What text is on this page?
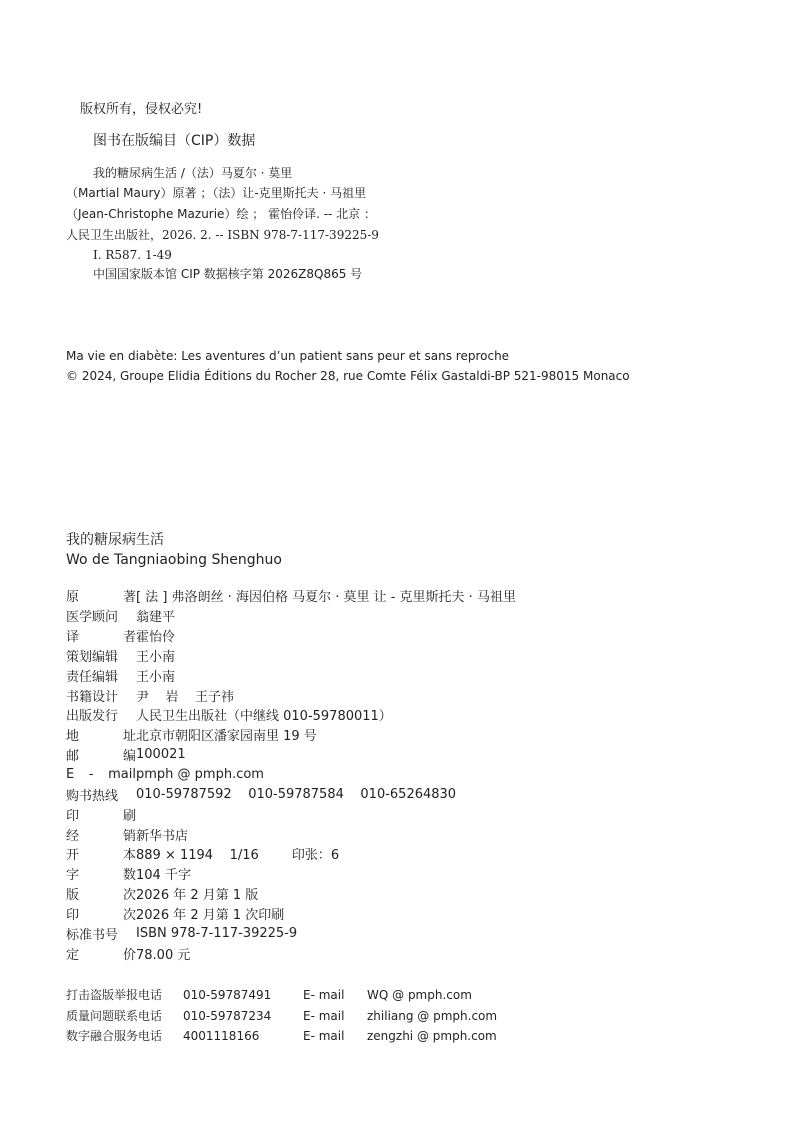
版权所有，侵权必究!
图书在版编目（CIP）数据
我的糖尿病生活 /（法）马夏尔 · 莫里
（Martial Maury）原著 ；（法）让-克里斯托夫 · 马祖里
（Jean-Christophe Mazurie）绘 ； 霍怡伶译. -- 北京 ：
人民卫生出版社，2026. 2. -- ISBN 978-7-117-39225-9
Ⅰ. R587. 1-49
中国国家版本馆 CIP 数据核字第 2026Z8Q865 号
Ma vie en diabète: Les aventures d’un patient sans peur et sans reproche
© 2024, Groupe Elidia Éditions du Rocher 28, rue Comte Félix Gastaldi-BP 521-98015 Monaco
我的糖尿病生活
Wo de Tangniaobing Shenghuo
原	著 [ 法 ] 弗洛朗丝 · 海因伯格 马夏尔 · 莫里 让 - 克里斯托夫 · 马祖里
医学顾问 翁建平
译	者 霍怡伶
策划编辑 王小南
责任编辑 王小南
书籍设计 尹    岩    王子祎
出版发行 人民卫生出版社（中继线 010-59780011）
地	址 北京市朝阳区潘家园南里 19 号
邮	编 100021
E - mail pmph @ pmph.com
购书热线 010-59787592    010-59787584    010-65264830
印	刷
经	销 新华书店
开	本 889 × 1194    1/16        印张：6
字	数 104 千字
版	次 2026 年 2 月第 1 版
印	次 2026 年 2 月第 1 次印刷
标准书号 ISBN 978-7-117-39225-9
定	价 78.00 元
打击盗版举报电话 010-59787491	E- mail WQ @ pmph.com
质量问题联系电话 010-59787234	E- mail zhiliang @ pmph.com
数字融合服务电话 4001118166	E- mail zengzhi @ pmph.com
